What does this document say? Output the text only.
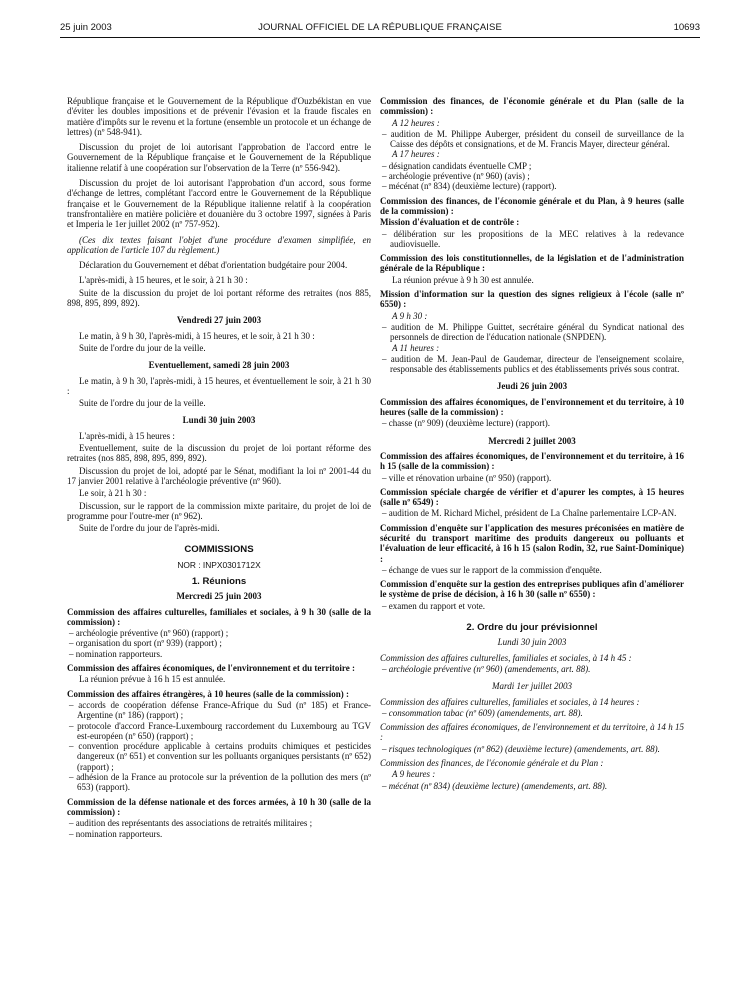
25 juin 2003	JOURNAL OFFICIEL DE LA RÉPUBLIQUE FRANÇAISE	10693

République française et le Gouvernement de la République d'Ouzbékistan en vue d'éviter les doubles impositions et de prévenir l'évasion et la fraude fiscales en matière d'impôts sur le revenu et la fortune (ensemble un protocole et un échange de lettres) (nº 548-941).

Discussion du projet de loi autorisant l'approbation de l'accord entre le Gouvernement de la République française et le Gouvernement de la République italienne relatif à une coopération sur l'observation de la Terre (nº 556-942).

Discussion du projet de loi autorisant l'approbation d'un accord, sous forme d'échange de lettres, complétant l'accord entre le Gouvernement de la République française et le Gouvernement de la République italienne relatif à la coopération transfrontalière en matière policière et douanière du 3 octobre 1997, signées à Paris et Imperia le 1er juillet 2002 (nº 757-952).

(Ces dix textes faisant l'objet d'une procédure d'examen simplifiée, en application de l'article 107 du règlement.)

Déclaration du Gouvernement et débat d'orientation budgétaire pour 2004.

L'après-midi, à 15 heures, et le soir, à 21 h 30 :

Suite de la discussion du projet de loi portant réforme des retraites (nos 885, 898, 895, 899, 892).

Vendredi 27 juin 2003

Le matin, à 9 h 30, l'après-midi, à 15 heures, et le soir, à 21 h 30 :

Suite de l'ordre du jour de la veille.

Eventuellement, samedi 28 juin 2003

Le matin, à 9 h 30, l'après-midi, à 15 heures, et éventuellement le soir, à 21 h 30 :

Suite de l'ordre du jour de la veille.

Lundi 30 juin 2003

L'après-midi, à 15 heures :

Eventuellement, suite de la discussion du projet de loi portant réforme des retraites (nos 885, 898, 895, 899, 892).

Discussion du projet de loi, adopté par le Sénat, modifiant la loi nº 2001-44 du 17 janvier 2001 relative à l'archéologie préventive (nº 960).

Le soir, à 21 h 30 :

Discussion, sur le rapport de la commission mixte paritaire, du projet de loi de programme pour l'outre-mer (nº 962).

Suite de l'ordre du jour de l'après-midi.

COMMISSIONS
NOR : INPX0301712X
1. Réunions
Mercredi 25 juin 2003

Commission des affaires culturelles, familiales et sociales, à 9 h 30 (salle de la commission) :

– archéologie préventive (nº 960) (rapport) ;

– organisation du sport (nº 939) (rapport) ;

– nomination rapporteurs.

Commission des affaires économiques, de l'environnement et du territoire :

La réunion prévue à 16 h 15 est annulée.

Commission des affaires étrangères, à 10 heures (salle de la commission) :

– accords de coopération défense France-Afrique du Sud (nº 185) et France-Argentine (nº 186) (rapport) ;

– protocole d'accord France-Luxembourg raccordement du Luxembourg au TGV est-européen (nº 650) (rapport) ;

– convention procédure applicable à certains produits chimiques et pesticides dangereux (nº 651) et convention sur les polluants organiques persistants (nº 652) (rapport) ;

– adhésion de la France au protocole sur la prévention de la pollution des mers (nº 653) (rapport).

Commission de la défense nationale et des forces armées, à 10 h 30 (salle de la commission) :

– audition des représentants des associations de retraités militaires ;

– nomination rapporteurs.

Commission des finances, de l'économie générale et du Plan (salle de la commission) :

A 12 heures :

– audition de M. Philippe Auberger, président du conseil de surveillance de la Caisse des dépôts et consignations, et de M. Francis Mayer, directeur général.

A 17 heures :

– désignation candidats éventuelle CMP ;

– archéologie préventive (nº 960) (avis) ;

– mécénat (nº 834) (deuxième lecture) (rapport).

Commission des finances, de l'économie générale et du Plan, à 9 heures (salle de la commission) :

Mission d'évaluation et de contrôle :

– délibération sur les propositions de la MEC relatives à la redevance audiovisuelle.

Commission des lois constitutionnelles, de la législation et de l'administration générale de la République :

La réunion prévue à 9 h 30 est annulée.

Mission d'information sur la question des signes religieux à l'école (salle nº 6550) :

A 9 h 30 :

– audition de M. Philippe Guittet, secrétaire général du Syndicat national des personnels de direction de l'éducation nationale (SNPDEN).

A 11 heures :

– audition de M. Jean-Paul de Gaudemar, directeur de l'enseignement scolaire, responsable des établissements publics et des établissements privés sous contrat.

Jeudi 26 juin 2003

Commission des affaires économiques, de l'environnement et du territoire, à 10 heures (salle de la commission) :

– chasse (nº 909) (deuxième lecture) (rapport).

Mercredi 2 juillet 2003

Commission des affaires économiques, de l'environnement et du territoire, à 16 h 15 (salle de la commission) :

– ville et rénovation urbaine (nº 950) (rapport).

Commission spéciale chargée de vérifier et d'apurer les comptes, à 15 heures (salle nº 6549) :

– audition de M. Richard Michel, président de La Chaîne parlementaire LCP-AN.

Commission d'enquête sur l'application des mesures préconisées en matière de sécurité du transport maritime des produits dangereux ou polluants et l'évaluation de leur efficacité, à 16 h 15 (salon Rodin, 32, rue Saint-Dominique) :

– échange de vues sur le rapport de la commission d'enquête.

Commission d'enquête sur la gestion des entreprises publiques afin d'améliorer le système de prise de décision, à 16 h 30 (salle nº 6550) :

– examen du rapport et vote.

2. Ordre du jour prévisionnel
Lundi 30 juin 2003

Commission des affaires culturelles, familiales et sociales, à 14 h 45 :

– archéologie préventive (nº 960) (amendements, art. 88).

Mardi 1er juillet 2003

Commission des affaires culturelles, familiales et sociales, à 14 heures :

– consommation tabac (nº 609) (amendements, art. 88).

Commission des affaires économiques, de l'environnement et du territoire, à 14 h 15 :

– risques technologiques (nº 862) (deuxième lecture) (amendements, art. 88).

Commission des finances, de l'économie générale et du Plan :

A 9 heures :

– mécénat (nº 834) (deuxième lecture) (amendements, art. 88).
